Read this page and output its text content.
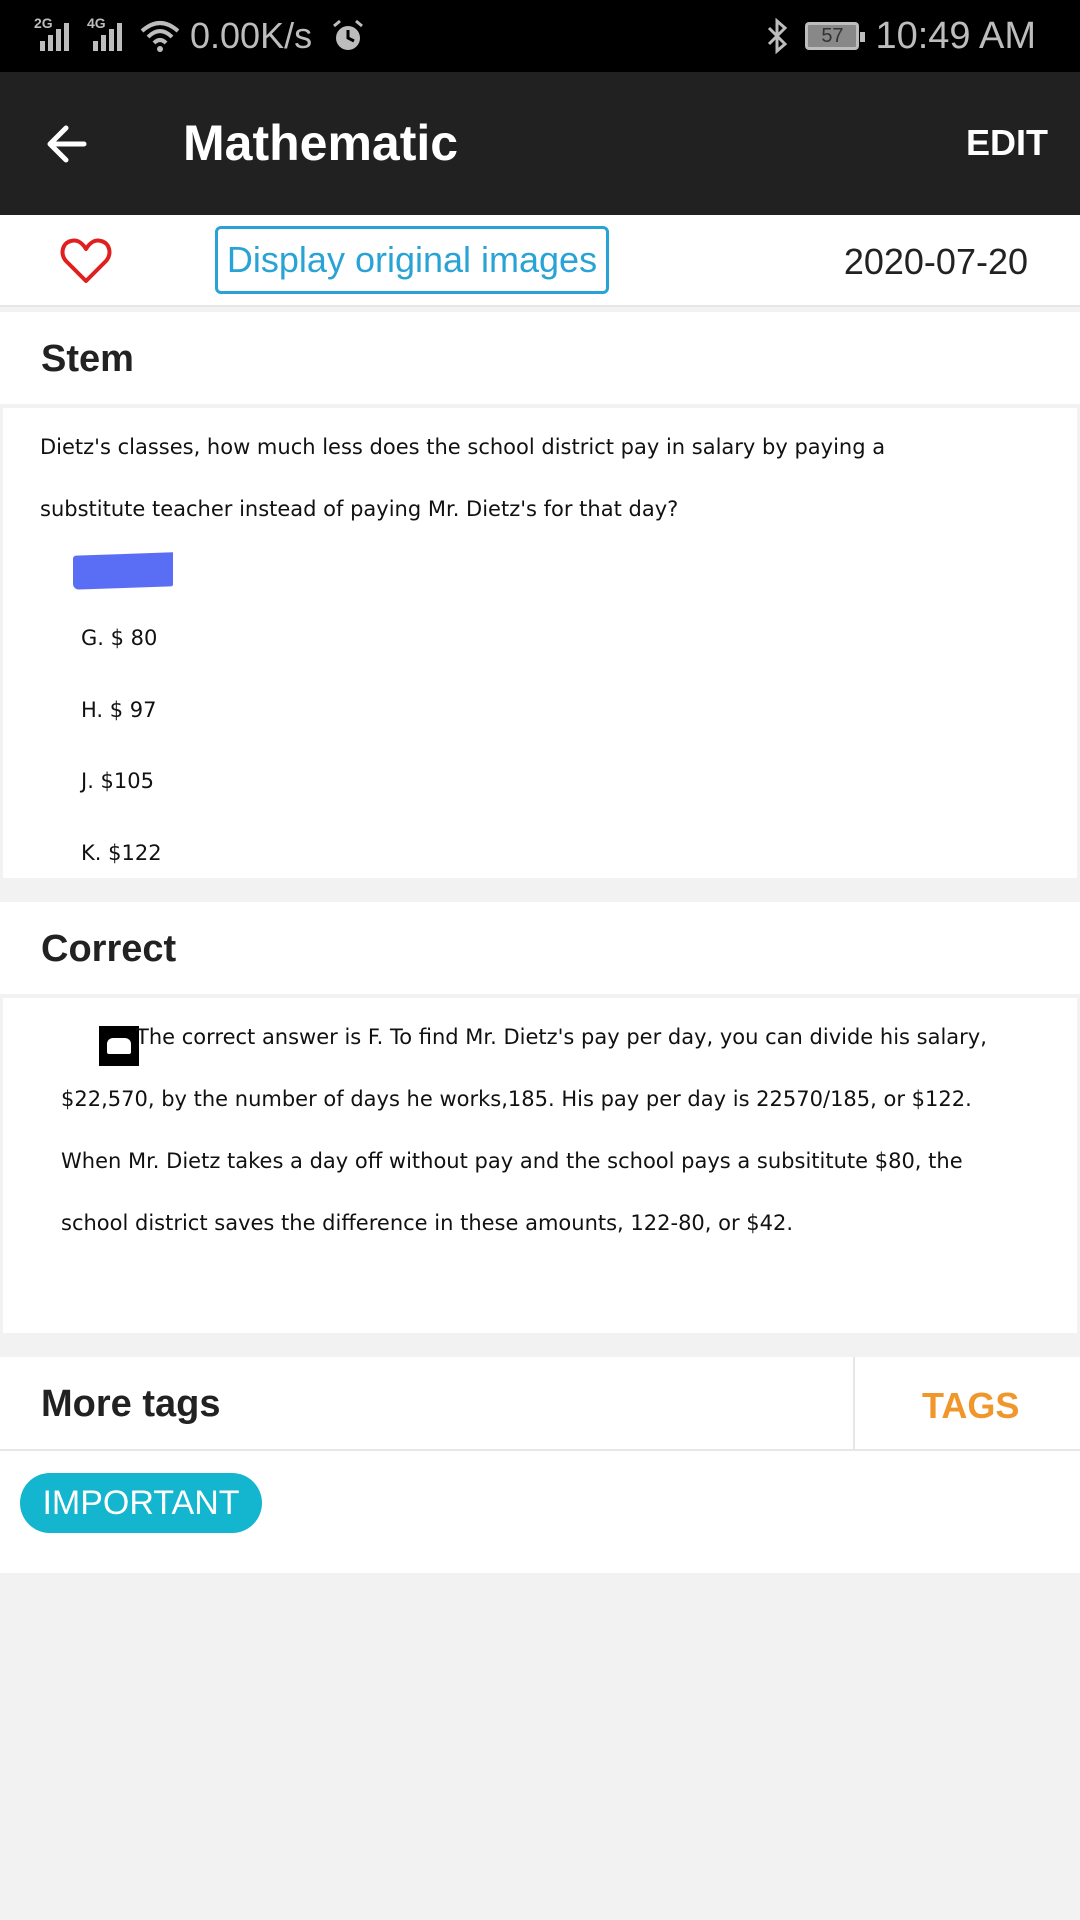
2G 4G 0.00K/s	57 10:49 AM
Mathematic	EDIT
Display original images	2020-07-20
Stem
Dietz's classes, how much less does the school district pay in salary by paying a substitute teacher instead of paying Mr. Dietz's for that day?
G. $ 80
H. $ 97
J. $105
K. $122
Correct
The correct answer is F. To find Mr. Dietz's pay per day, you can divide his salary, $22,570, by the number of days he works,185. His pay per day is 22570/185, or $122. When Mr. Dietz takes a day off without pay and the school pays a subsititute $80, the school district saves the difference in these amounts, 122-80, or $42.
More tags	TAGS
IMPORTANT
